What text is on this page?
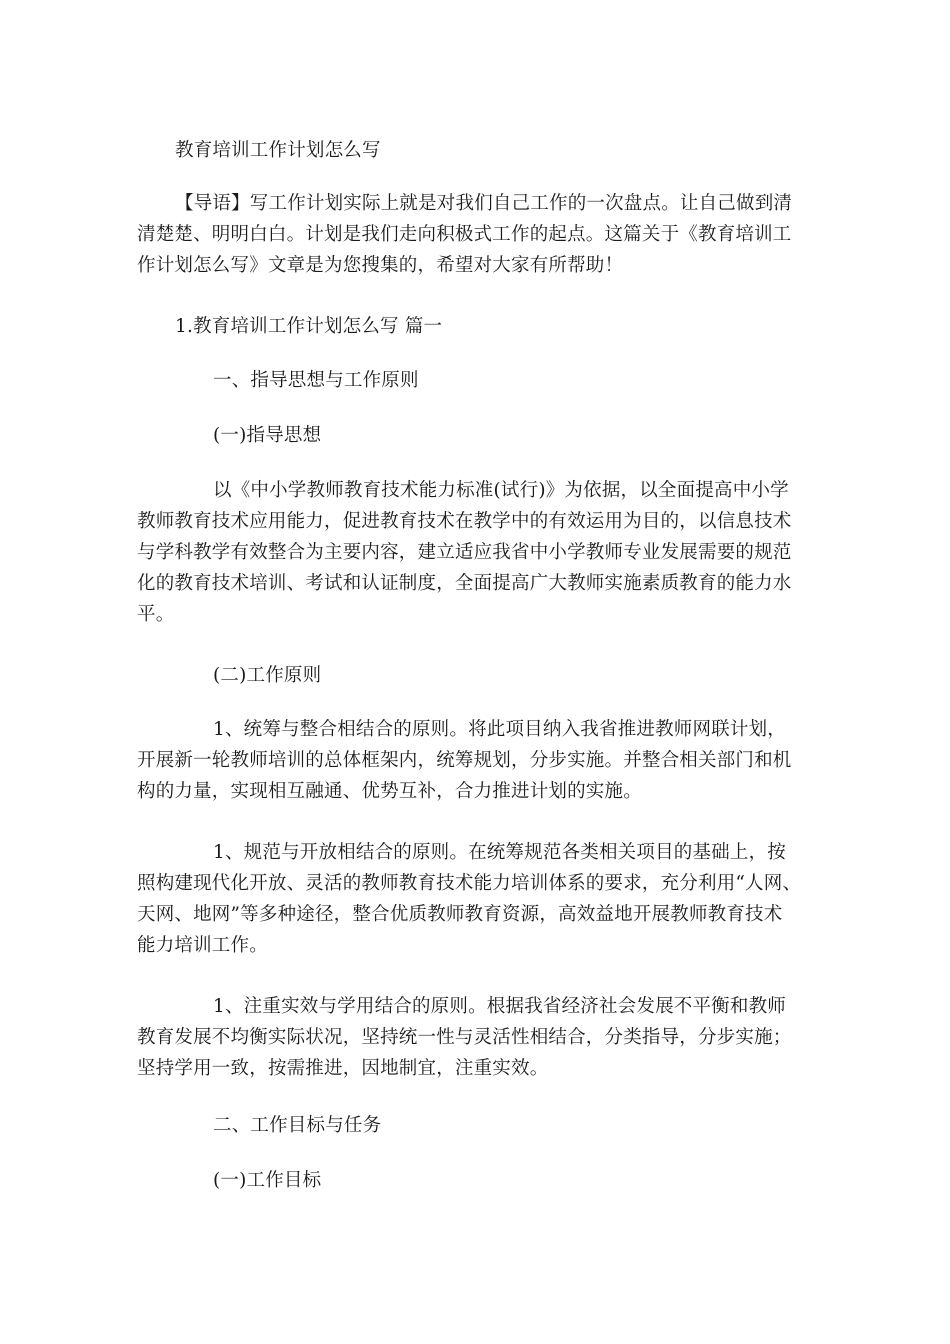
教育培训工作计划怎么写
【导语】写工作计划实际上就是对我们自己工作的一次盘点。让自己做到清
清楚楚、明明白白。计划是我们走向积极式工作的起点。这篇关于《教育培训工
作计划怎么写》文章是为您搜集的，希望对大家有所帮助！
1.教育培训工作计划怎么写 篇一
一、指导思想与工作原则
(一)指导思想
以《中小学教师教育技术能力标准(试行)》为依据，以全面提高中小学
教师教育技术应用能力，促进教育技术在教学中的有效运用为目的，以信息技术
与学科教学有效整合为主要内容，建立适应我省中小学教师专业发展需要的规范
化的教育技术培训、考试和认证制度，全面提高广大教师实施素质教育的能力水
平。
(二)工作原则
1、统筹与整合相结合的原则。将此项目纳入我省推进教师网联计划，
开展新一轮教师培训的总体框架内，统筹规划，分步实施。并整合相关部门和机
构的力量，实现相互融通、优势互补，合力推进计划的实施。
1、规范与开放相结合的原则。在统筹规范各类相关项目的基础上，按
照构建现代化开放、灵活的教师教育技术能力培训体系的要求，充分利用“人网、
天网、地网”等多种途径，整合优质教师教育资源，高效益地开展教师教育技术
能力培训工作。
1、注重实效与学用结合的原则。根据我省经济社会发展不平衡和教师
教育发展不均衡实际状况，坚持统一性与灵活性相结合，分类指导，分步实施；
坚持学用一致，按需推进，因地制宜，注重实效。
二、工作目标与任务
(一)工作目标
